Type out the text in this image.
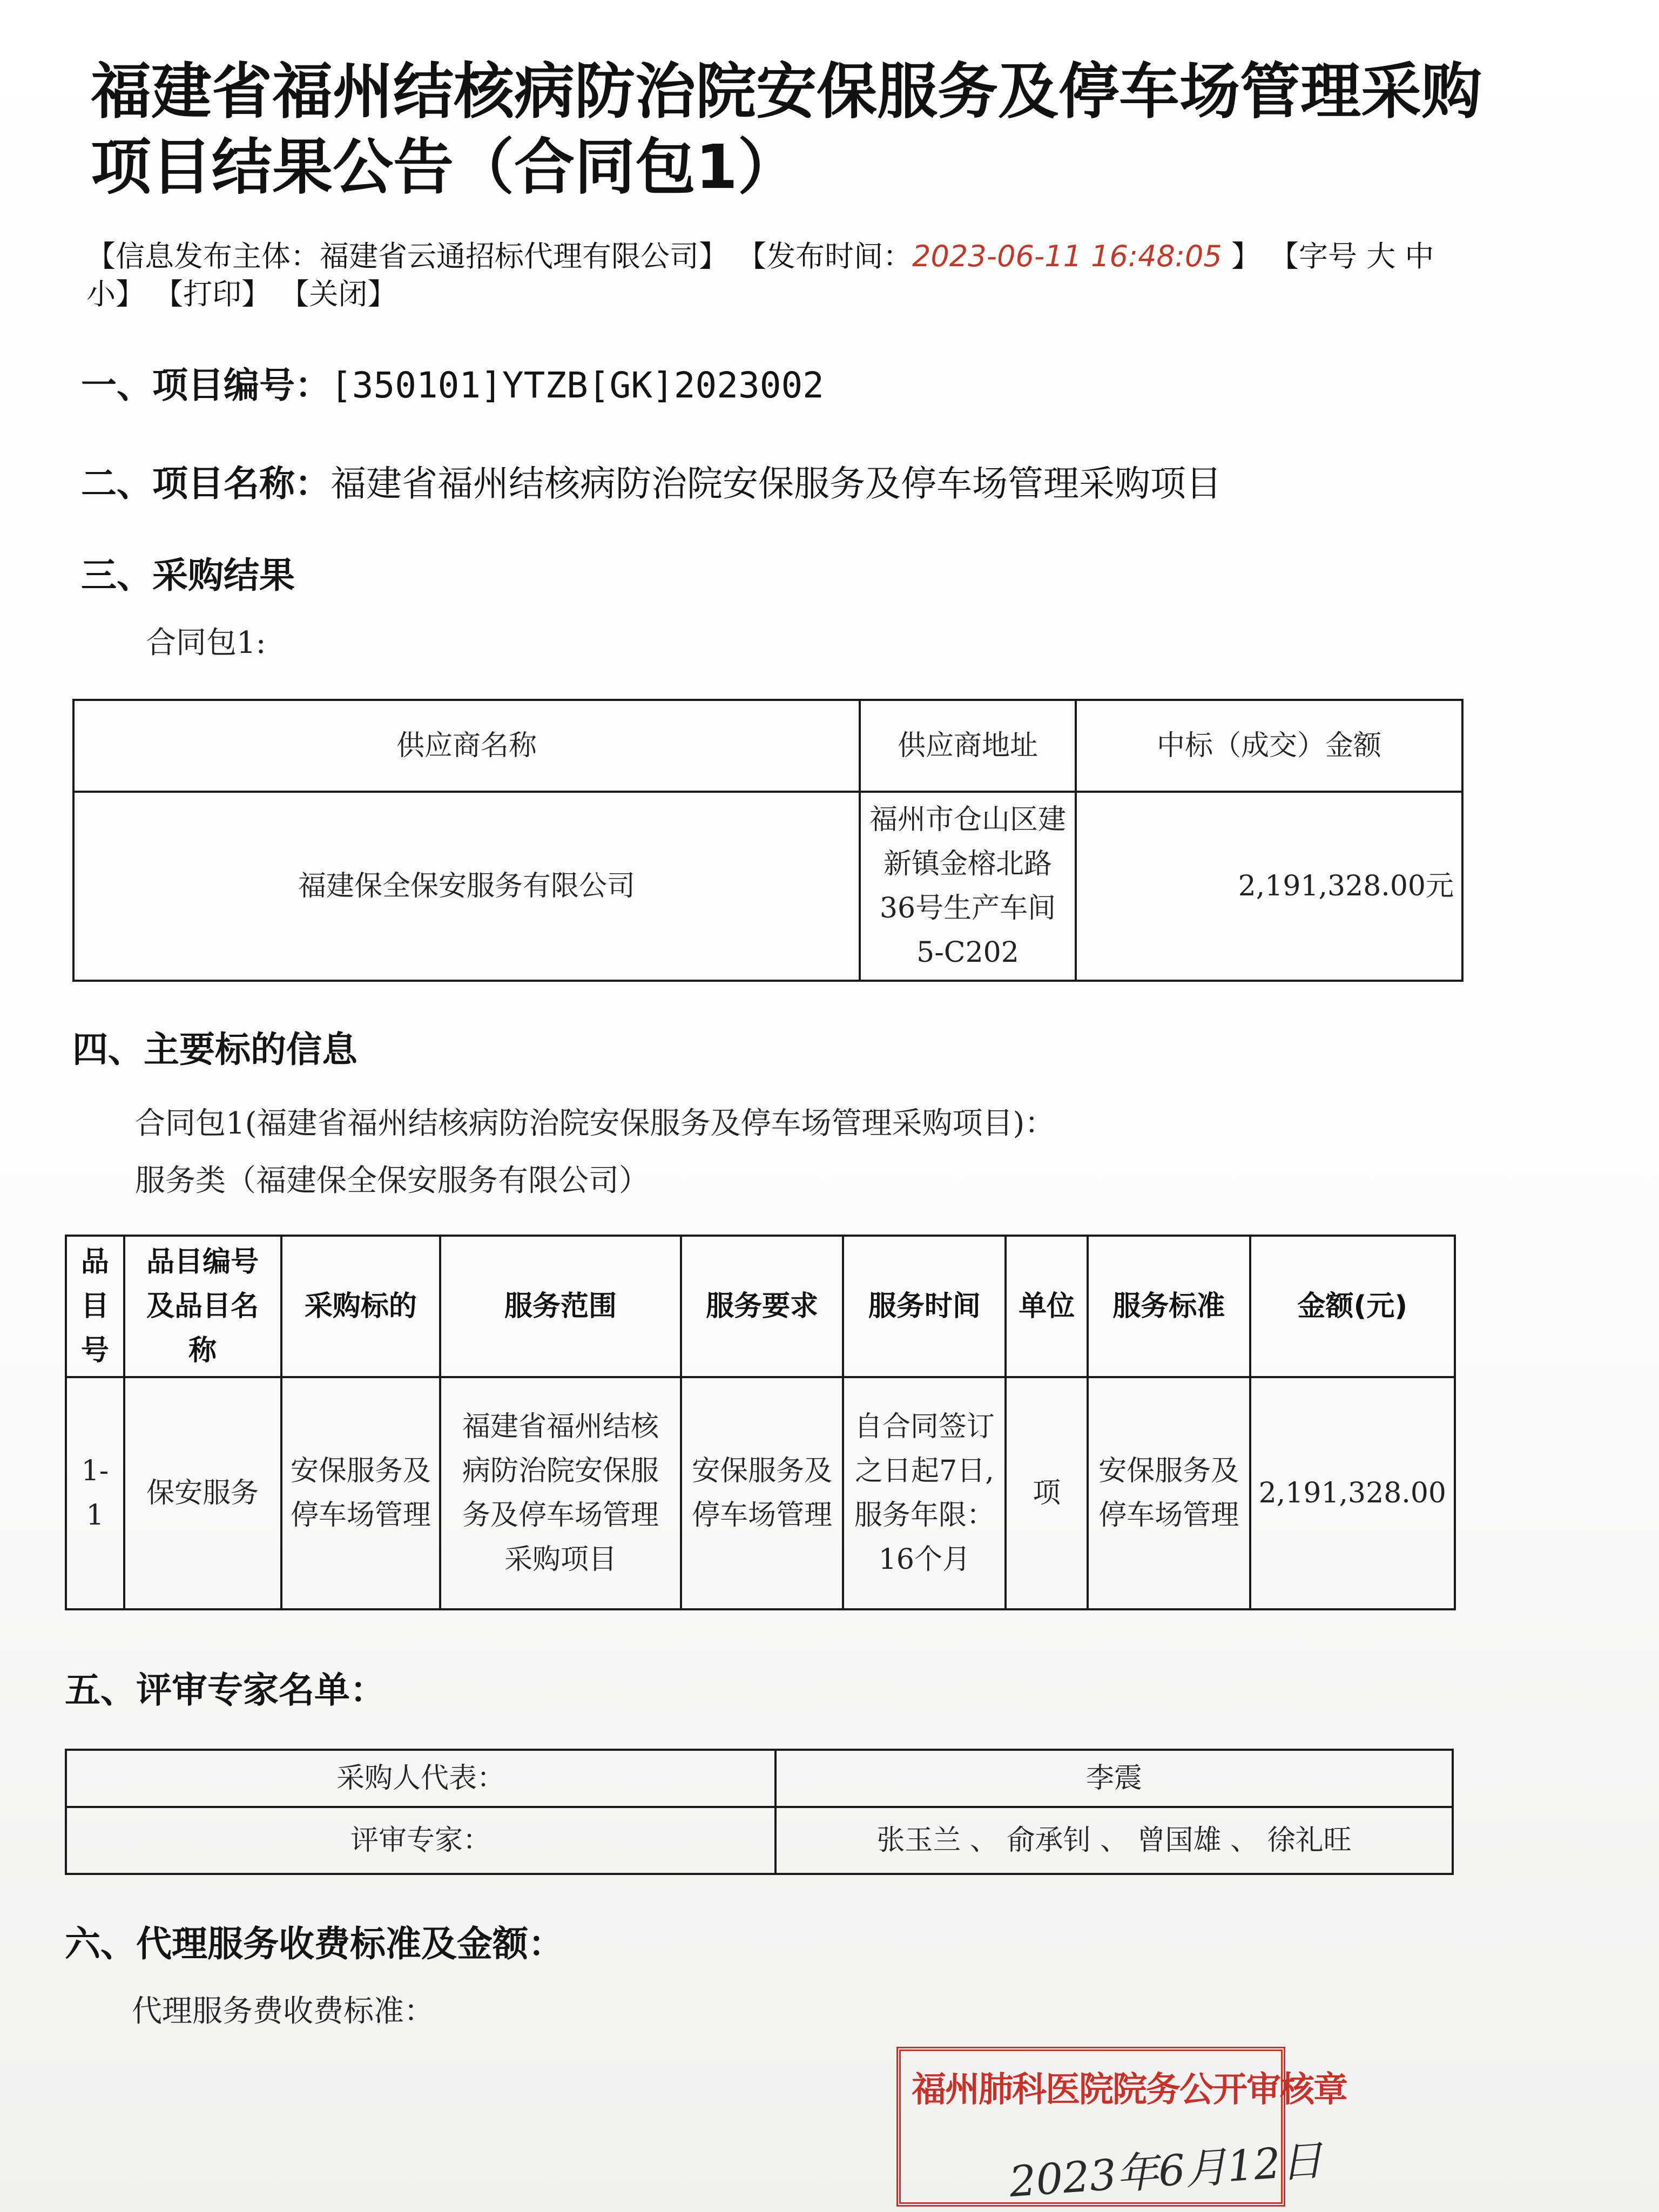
福建省福州结核病防治院安保服务及停车场管理采购项目结果公告（合同包1）
【信息发布主体：福建省云通招标代理有限公司】 【发布时间：2023-06-11 16:48:05 】 【字号 大 中 小】 【打印】 【关闭】
一、项目编号：[350101]YTZB[GK]2023002
二、项目名称：福建省福州结核病防治院安保服务及停车场管理采购项目
三、采购结果
合同包1:
供应商名称	供应商地址	中标（成交）金额
福建保全保安服务有限公司	福州市仓山区建新镇金榕北路36号生产车间5-C202	2,191,328.00元
四、主要标的信息
合同包1(福建省福州结核病防治院安保服务及停车场管理采购项目)：
服务类（福建保全保安服务有限公司）
品目号	品目编号及品目名称	采购标的	服务范围	服务要求	服务时间	单位	服务标准	金额(元)
1-1	保安服务	安保服务及停车场管理	福建省福州结核病防治院安保服务及停车场管理采购项目	安保服务及停车场管理	自合同签订之日起7日,服务年限：16个月	项	安保服务及停车场管理	2,191,328.00
五、评审专家名单：
采购人代表：	李震
评审专家：	张玉兰 、 俞承钊 、 曾国雄 、 徐礼旺
六、代理服务收费标准及金额：
代理服务费收费标准：
福州肺科医院院务公开审核章
2023年6月12日
